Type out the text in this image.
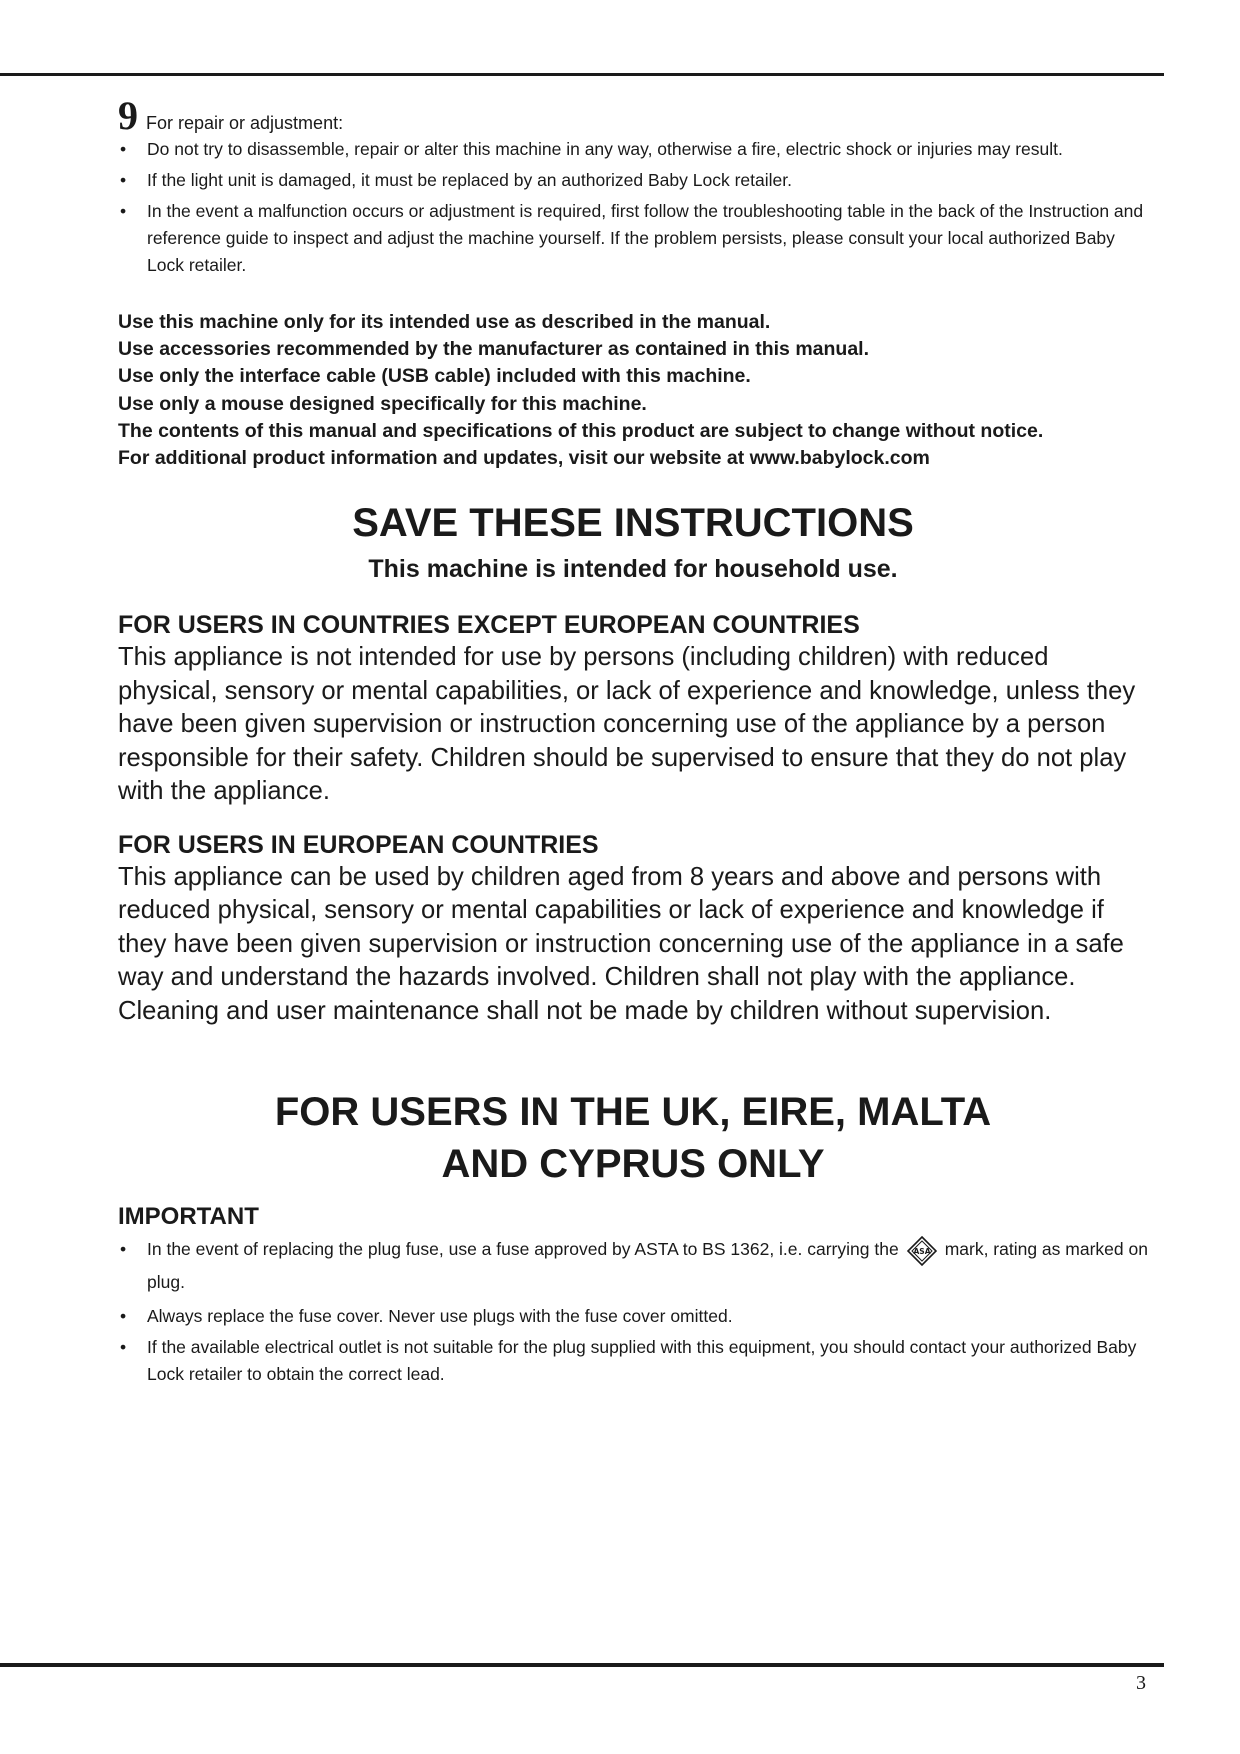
9 For repair or adjustment:
• Do not try to disassemble, repair or alter this machine in any way, otherwise a fire, electric shock or injuries may result.
• If the light unit is damaged, it must be replaced by an authorized Baby Lock retailer.
• In the event a malfunction occurs or adjustment is required, first follow the troubleshooting table in the back of the Instruction and reference guide to inspect and adjust the machine yourself. If the problem persists, please consult your local authorized Baby Lock retailer.
Use this machine only for its intended use as described in the manual.
Use accessories recommended by the manufacturer as contained in this manual.
Use only the interface cable (USB cable) included with this machine.
Use only a mouse designed specifically for this machine.
The contents of this manual and specifications of this product are subject to change without notice.
For additional product information and updates, visit our website at www.babylock.com
SAVE THESE INSTRUCTIONS
This machine is intended for household use.
FOR USERS IN COUNTRIES EXCEPT EUROPEAN COUNTRIES
This appliance is not intended for use by persons (including children) with reduced physical, sensory or mental capabilities, or lack of experience and knowledge, unless they have been given supervision or instruction concerning use of the appliance by a person responsible for their safety. Children should be supervised to ensure that they do not play with the appliance.
FOR USERS IN EUROPEAN COUNTRIES
This appliance can be used by children aged from 8 years and above and persons with reduced physical, sensory or mental capabilities or lack of experience and knowledge if they have been given supervision or instruction concerning use of the appliance in a safe way and understand the hazards involved. Children shall not play with the appliance. Cleaning and user maintenance shall not be made by children without supervision.
FOR USERS IN THE UK, EIRE, MALTA
AND CYPRUS ONLY
IMPORTANT
• In the event of replacing the plug fuse, use a fuse approved by ASTA to BS 1362, i.e. carrying the ASA mark, rating as marked on plug.
• Always replace the fuse cover. Never use plugs with the fuse cover omitted.
• If the available electrical outlet is not suitable for the plug supplied with this equipment, you should contact your authorized Baby Lock retailer to obtain the correct lead.
3
